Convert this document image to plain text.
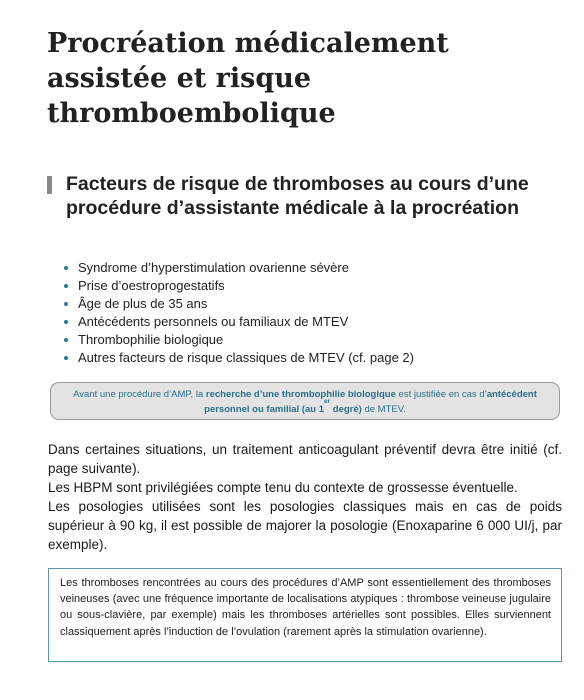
Procréation médicalement assistée et risque thromboembolique
Facteurs de risque de thromboses au cours d’une procédure d’assistante médicale à la procréation
Syndrome d’hyperstimulation ovarienne sévère
Prise d’oestroprogestatifs
Âge de plus de 35 ans
Antécédents personnels ou familiaux de MTEV
Thrombophilie biologique
Autres facteurs de risque classiques de MTEV (cf. page 2)
Avant une procédure d’AMP, la recherche d’une thrombophilie biologique est justifiée en cas d’antécédent personnel ou familial (au 1er degré) de MTEV.

Dans certaines situations, un traitement anticoagulant préventif devra être initié (cf. page suivante).

Les HBPM sont privilégiées compte tenu du contexte de grossesse éventuelle.

Les posologies utilisées sont les posologies classiques mais en cas de poids supérieur à 90 kg, il est possible de majorer la posologie (Enoxaparine 6 000 UI/j, par exemple).

Les thromboses rencontrées au cours des procédures d’AMP sont essentiellement des thromboses veineuses (avec une fréquence importante de localisations atypiques : thrombose veineuse jugulaire ou sous-clavière, par exemple) mais les thromboses artérielles sont possibles. Elles surviennent classiquement après l’induction de l’ovulation (rarement après la stimulation ovarienne).
